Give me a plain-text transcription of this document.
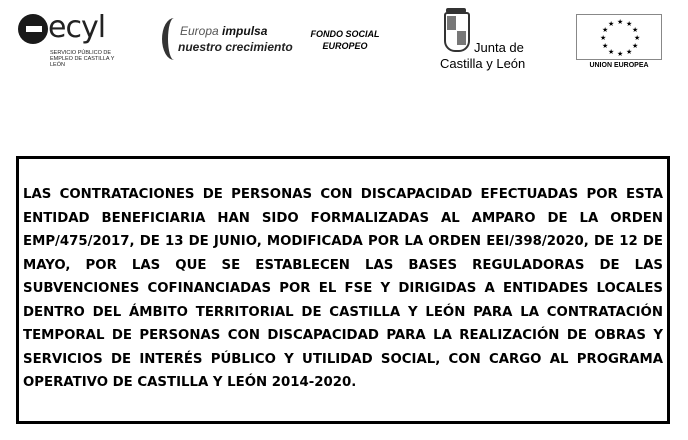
ecyl
SERVICIO PÚBLICO DE EMPLEO DE CASTILLA Y LEÓN
Europa impulsa
nuestro crecimiento
FONDO SOCIAL
EUROPEO	Junta de
Castilla y León
★ ★
★
★
★
★
★
★
★
★
★
★
UNION EUROPEA

LAS CONTRATACIONES DE PERSONAS CON DISCAPACIDAD EFECTUADAS POR ESTA ENTIDAD BENEFICIARIA HAN SIDO FORMALIZADAS AL AMPARO DE LA ORDEN EMP/475/2017, DE 13 DE JUNIO, MODIFICADA POR LA ORDEN EEI/398/2020, DE 12 DE MAYO, POR LAS QUE SE ESTABLECEN LAS BASES REGULADORAS DE LAS SUBVENCIONES COFINANCIADAS POR EL FSE Y DIRIGIDAS A ENTIDADES LOCALES DENTRO DEL ÁMBITO TERRITORIAL DE CASTILLA Y LEÓN PARA LA CONTRATACIÓN TEMPORAL DE PERSONAS CON DISCAPACIDAD PARA LA REALIZACIÓN DE OBRAS Y SERVICIOS DE INTERÉS PÚBLICO Y UTILIDAD SOCIAL, CON CARGO AL PROGRAMA OPERATIVO DE CASTILLA Y LEÓN 2014-2020.
